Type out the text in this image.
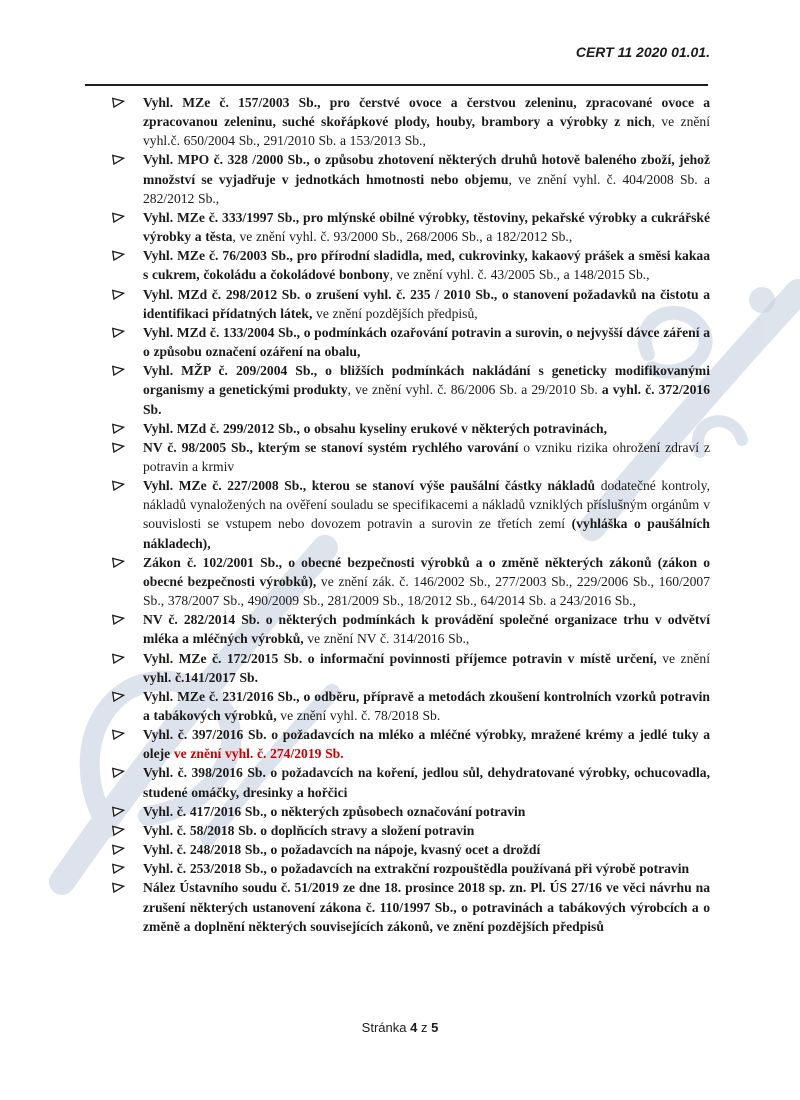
CERT 11 2020 01.01.
Vyhl. MZe č. 157/2003 Sb., pro čerstvé ovoce a čerstvou zeleninu, zpracované ovoce a zpracovanou zeleninu, suché skořápkové plody, houby, brambory a výrobky z nich, ve znění vyhl.č. 650/2004 Sb., 291/2010 Sb. a 153/2013 Sb.,
Vyhl. MPO č. 328 /2000 Sb., o způsobu zhotovení některých druhů hotově baleného zboží, jehož množství se vyjadřuje v jednotkách hmotnosti nebo objemu, ve znění vyhl. č. 404/2008 Sb. a 282/2012 Sb.,
Vyhl. MZe č. 333/1997 Sb., pro mlýnské obilné výrobky, těstoviny, pekařské výrobky a cukrářské výrobky a těsta, ve znění vyhl. č. 93/2000 Sb., 268/2006 Sb., a 182/2012 Sb.,
Vyhl. MZe č. 76/2003 Sb., pro přírodní sladidla, med, cukrovinky, kakaový prášek a směsi kakaa s cukrem, čokoládu a čokoládové bonbony, ve znění vyhl. č. 43/2005 Sb., a 148/2015 Sb.,
Vyhl. MZd č. 298/2012 Sb. o zrušení vyhl. č. 235 / 2010 Sb., o stanovení požadavků na čistotu a identifikaci přídatných látek, ve znění pozdějších předpisů,
Vyhl. MZd č. 133/2004 Sb., o podmínkách ozařování potravin a surovin, o nejvyšší dávce záření a o způsobu označení ozáření na obalu,
Vyhl. MŽP č. 209/2004 Sb., o bližších podmínkách nakládání s geneticky modifikovanými organismy a genetickými produkty, ve znění vyhl. č. 86/2006 Sb. a 29/2010 Sb. a vyhl. č. 372/2016 Sb.
Vyhl. MZd č. 299/2012 Sb., o obsahu kyseliny erukové v některých potravinách,
NV č. 98/2005 Sb., kterým se stanoví systém rychlého varování o vzniku rizika ohrožení zdraví z potravin a krmiv
Vyhl. MZe č. 227/2008 Sb., kterou se stanoví výše paušální částky nákladů dodatečné kontroly, nákladů vynaložených na ověření souladu se specifikacemi a nákladů vzniklých příslušným orgánům v souvislosti se vstupem nebo dovozem potravin a surovin ze třetích zemí (vyhláška o paušálních nákladech),
Zákon č. 102/2001 Sb., o obecné bezpečnosti výrobků a o změně některých zákonů (zákon o obecné bezpečnosti výrobků), ve znění zák. č. 146/2002 Sb., 277/2003 Sb., 229/2006 Sb., 160/2007 Sb., 378/2007 Sb., 490/2009 Sb., 281/2009 Sb., 18/2012 Sb., 64/2014 Sb. a 243/2016 Sb.,
NV č. 282/2014 Sb. o některých podmínkách k provádění společné organizace trhu v odvětví mléka a mléčných výrobků, ve znění NV č. 314/2016 Sb.,
Vyhl. MZe č. 172/2015 Sb. o informační povinnosti příjemce potravin v místě určení, ve znění vyhl. č.141/2017 Sb.
Vyhl. MZe č. 231/2016 Sb., o odběru, přípravě a metodách zkoušení kontrolních vzorků potravin a tabákových výrobků, ve znění vyhl. č. 78/2018 Sb.
Vyhl. č. 397/2016 Sb. o požadavcích na mléko a mléčné výrobky, mražené krémy a jedlé tuky a oleje ve znění vyhl. č. 274/2019 Sb.
Vyhl. č. 398/2016 Sb. o požadavcích na koření, jedlou sůl, dehydratované výrobky, ochucovadla, studené omáčky, dresinky a hořčici
Vyhl. č. 417/2016 Sb., o některých způsobech označování potravin
Vyhl. č. 58/2018 Sb. o doplňcích stravy a složení potravin
Vyhl. č. 248/2018 Sb., o požadavcích na nápoje, kvasný ocet a droždí
Vyhl. č. 253/2018 Sb., o požadavcích na extrakční rozpouštědla používaná při výrobě potravin
Nález Ústavního soudu č. 51/2019 ze dne 18. prosince 2018 sp. zn. Pl. ÚS 27/16 ve věci návrhu na zrušení některých ustanovení zákona č. 110/1997 Sb., o potravinách a tabákových výrobcích a o změně a doplnění některých souvisejících zákonů, ve znění pozdějších předpisů
Stránka 4 z 5
